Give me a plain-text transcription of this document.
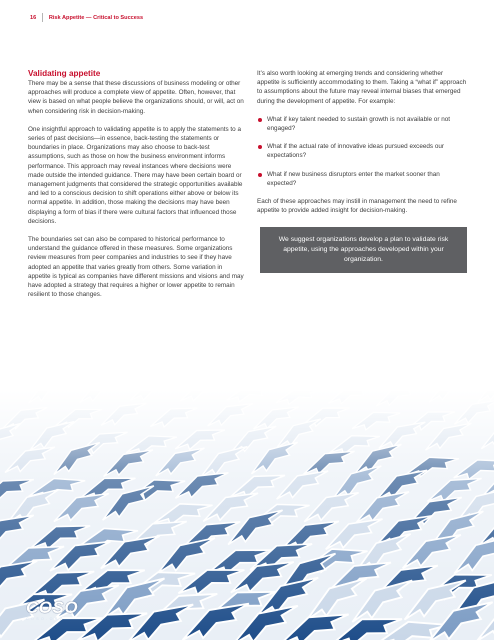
16 Risk Appetite — Critical to Success
Validating appetite

There may be a sense that these discussions of business modeling or other approaches will produce a complete view of appetite. Often, however, that view is based on what people believe the organizations should, or will, act on when considering risk in decision-making.

One insightful approach to validating appetite is to apply the statements to a series of past decisions—in essence, back-testing the statements or boundaries in place. Organizations may also choose to back-test assumptions, such as those on how the business environment informs performance. This approach may reveal instances where decisions were made outside the intended guidance. There may have been certain board or management judgments that considered the strategic opportunities available and led to a conscious decision to shift operations either above or below its normal appetite. In addition, those making the decisions may have been displaying a form of bias if there were cultural factors that influenced those decisions.

The boundaries set can also be compared to historical performance to understand the guidance offered in these measures. Some organizations review measures from peer companies and industries to see if they have adopted an appetite that varies greatly from others. Some variation in appetite is typical as companies have different missions and visions and may have adopted a strategy that requires a higher or lower appetite to remain resilient to those changes.

It’s also worth looking at emerging trends and considering whether appetite is sufficiently accommodating to them. Taking a “what if” approach to assumptions about the future may reveal internal biases that emerged during the development of appetite. For example:

What if key talent needed to sustain growth is not available or not engaged?
What if the actual rate of innovative ideas pursued exceeds our expectations?
What if new business disruptors enter the market sooner than expected?

Each of these approaches may instill in management the need to refine appetite to provide added insight for decision-making.

We suggest organizations develop a plan to validate risk appetite, using the approaches developed within your organization.
COSO
COSO.ORG
